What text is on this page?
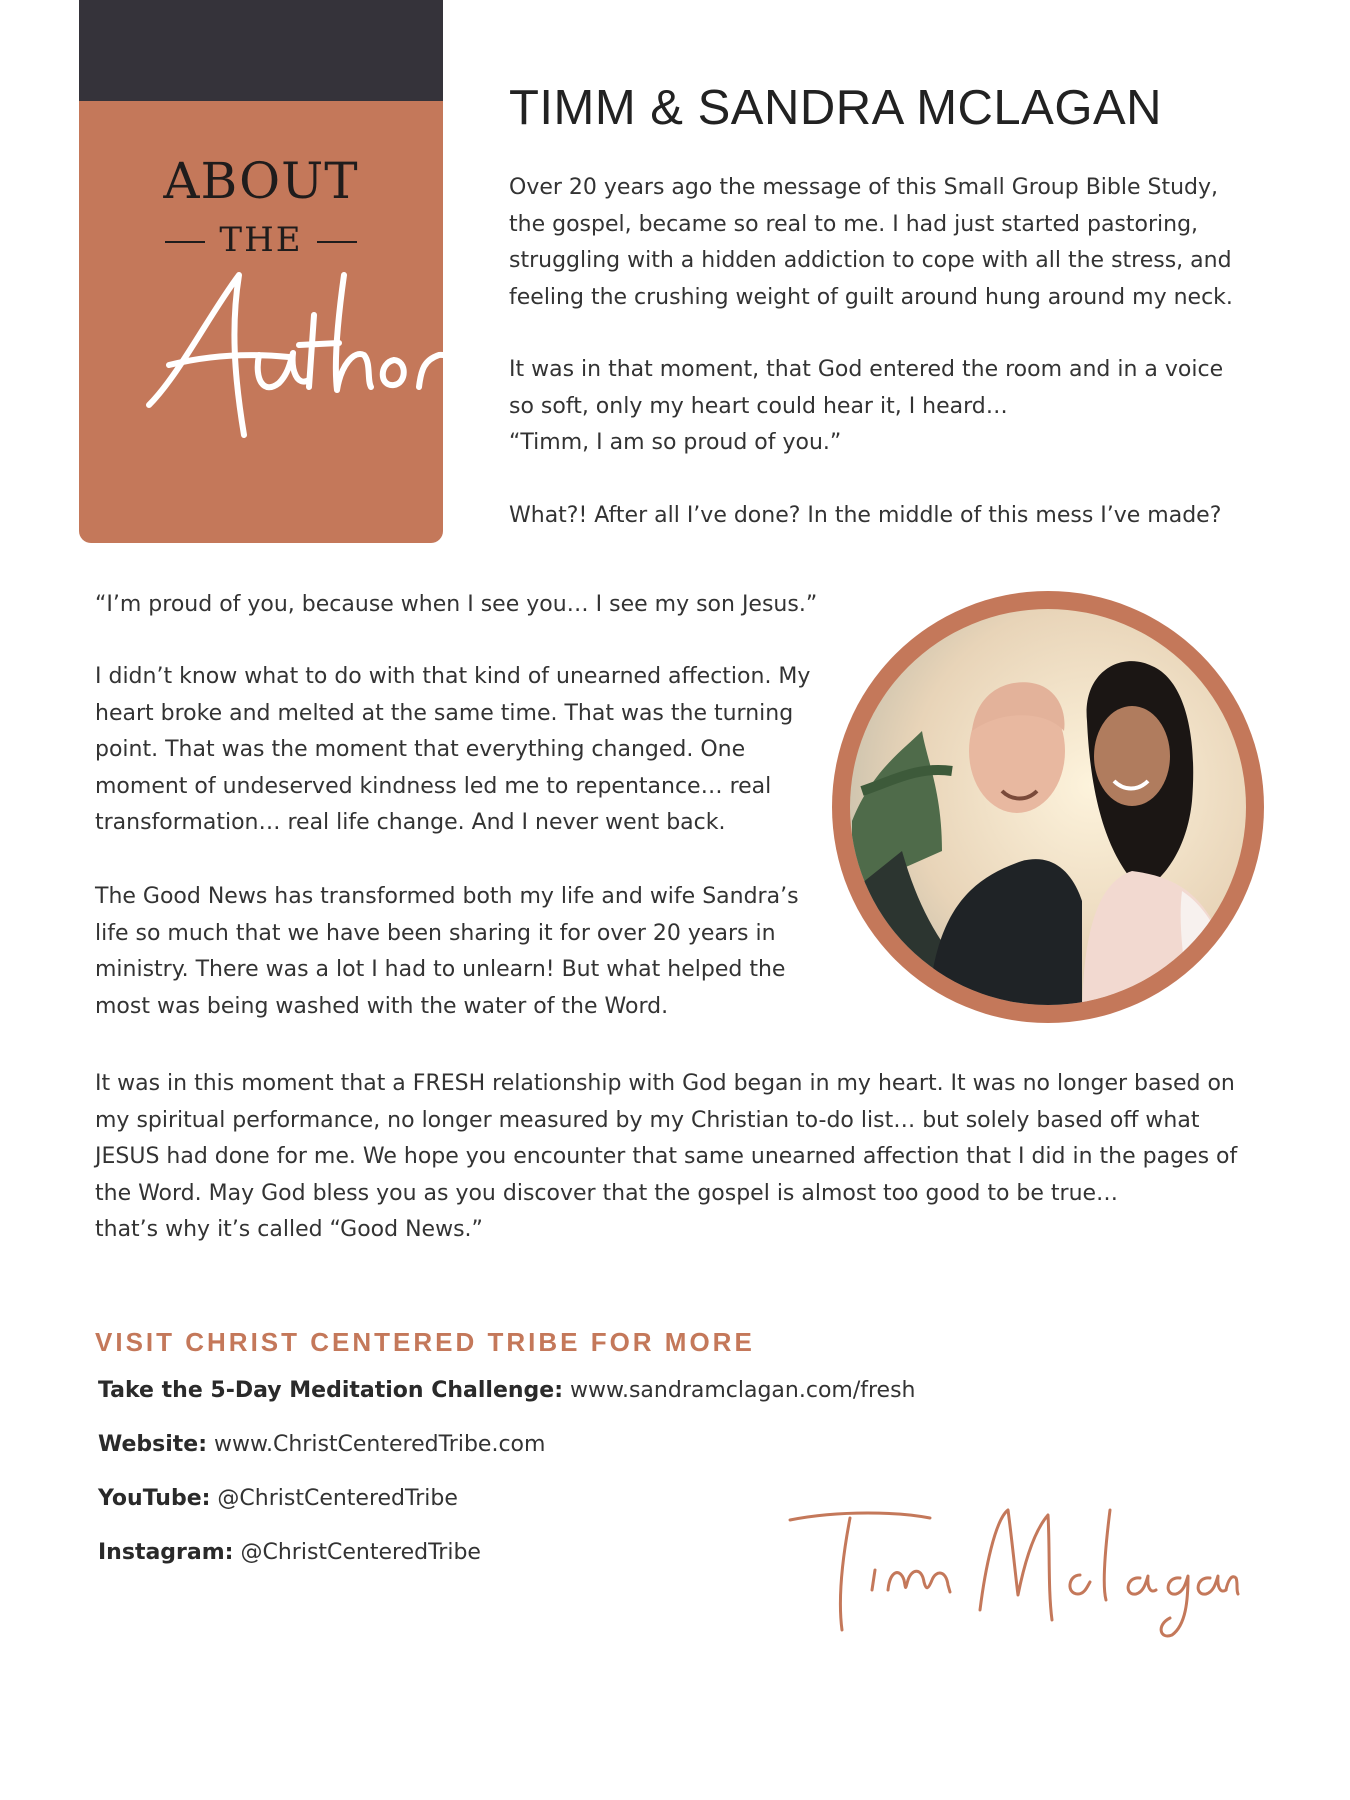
ABOUT
THE
TIMM & SANDRA MCLAGAN

Over 20 years ago the message of this Small Group Bible Study,
the gospel, became so real to me. I had just started pastoring,
struggling with a hidden addiction to cope with all the stress, and
feeling the crushing weight of guilt around hung around my neck.

It was in that moment, that God entered the room and in a voice
so soft, only my heart could hear it, I heard…
“Timm, I am so proud of you.”

What?! After all I’ve done? In the middle of this mess I’ve made?

“I’m proud of you, because when I see you… I see my son Jesus.”

I didn’t know what to do with that kind of unearned affection. My
heart broke and melted at the same time. That was the turning
point. That was the moment that everything changed. One
moment of undeserved kindness led me to repentance… real
transformation… real life change. And I never went back.

The Good News has transformed both my life and wife Sandra’s
life so much that we have been sharing it for over 20 years in
ministry. There was a lot I had to unlearn! But what helped the
most was being washed with the water of the Word.

It was in this moment that a FRESH relationship with God began in my heart. It was no longer based on
my spiritual performance, no longer measured by my Christian to-do list… but solely based off what
JESUS had done for me. We hope you encounter that same unearned affection that I did in the pages of
the Word. May God bless you as you discover that the gospel is almost too good to be true…
that’s why it’s called “Good News.”

VISIT CHRIST CENTERED TRIBE FOR MORE

Take the 5-Day Meditation Challenge: www.sandramclagan.com/fresh

Website: www.ChristCenteredTribe.com

YouTube: @ChristCenteredTribe

Instagram: @ChristCenteredTribe
